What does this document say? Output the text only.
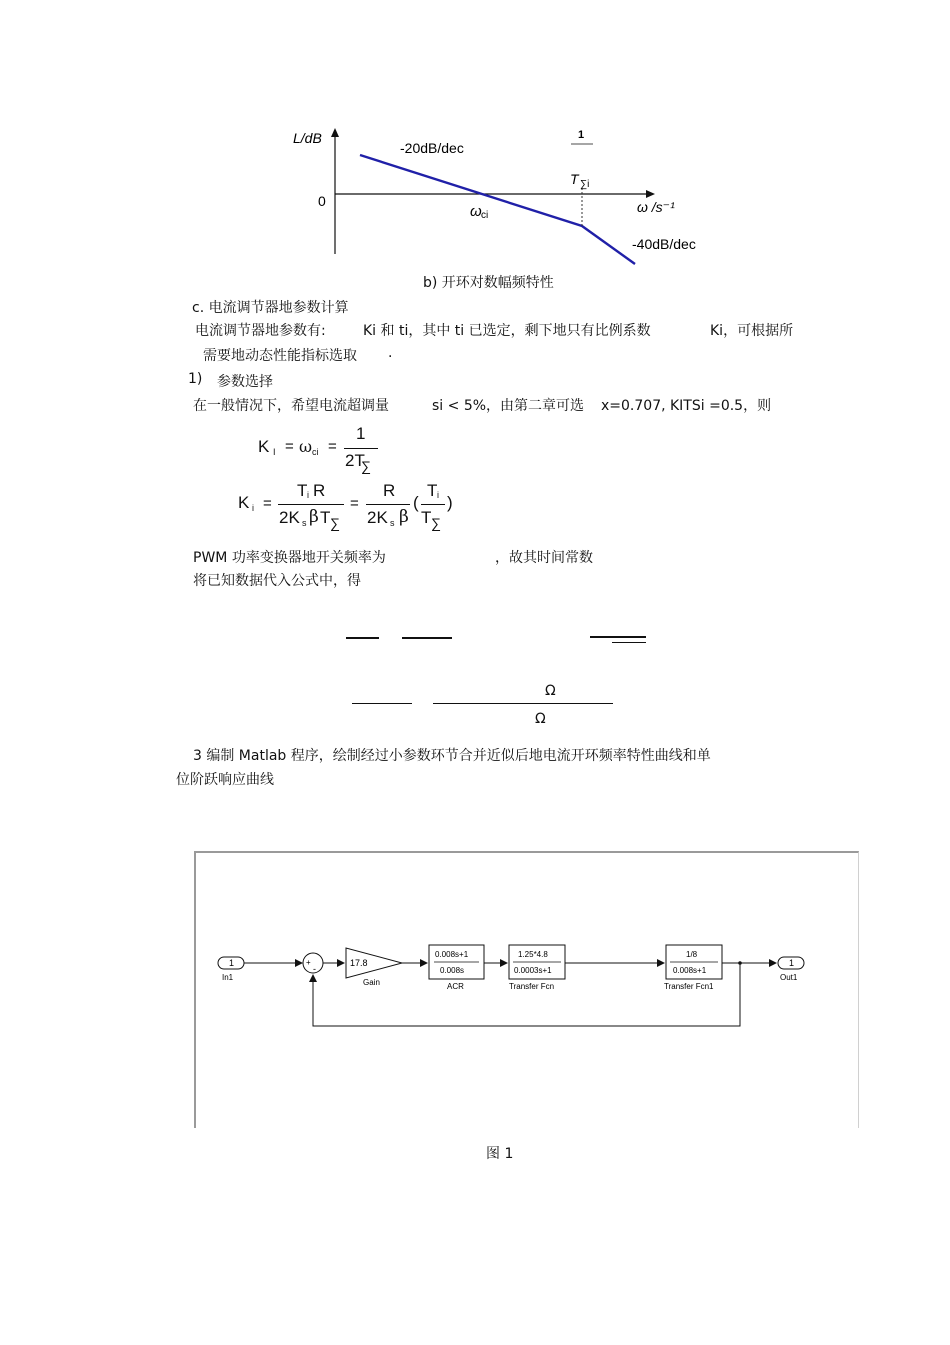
L/dB
0
-20dB/dec
-40dB/dec
ω /s⁻¹
ω ci
1
T ∑i
b) 开环对数幅频特性
c. 电流调节器地参数计算
电流调节器地参数有:	Ki 和 ti，其中 ti 已选定，剩下地只有比例系数	Ki，可根据所
需要地动态性能指标选取 .
1) 参数选择
在一般情况下，希望电流超调量	si < 5%，由第二章可选 x=0.707, KITSi =0.5，则
K I = ω ci =
1
2T
∑
K i =
T i R
2K s β T ∑
=
R
2K s β
(
T i
T ∑
)
PWM 功率变换器地开关频率为	，故其时间常数
将已知数据代入公式中，得
Ω
Ω
3 编制 Matlab 程序，绘制经过小参数环节合并近似后地电流开环频率特性曲线和单
位阶跃响应曲线
1
In1
+
-
17.8
Gain
0.008s+1
0.008s
ACR
1.25*4.8
0.0003s+1
Transfer Fcn
1/8
0.008s+1
Transfer Fcn1
1
Out1
图 1
